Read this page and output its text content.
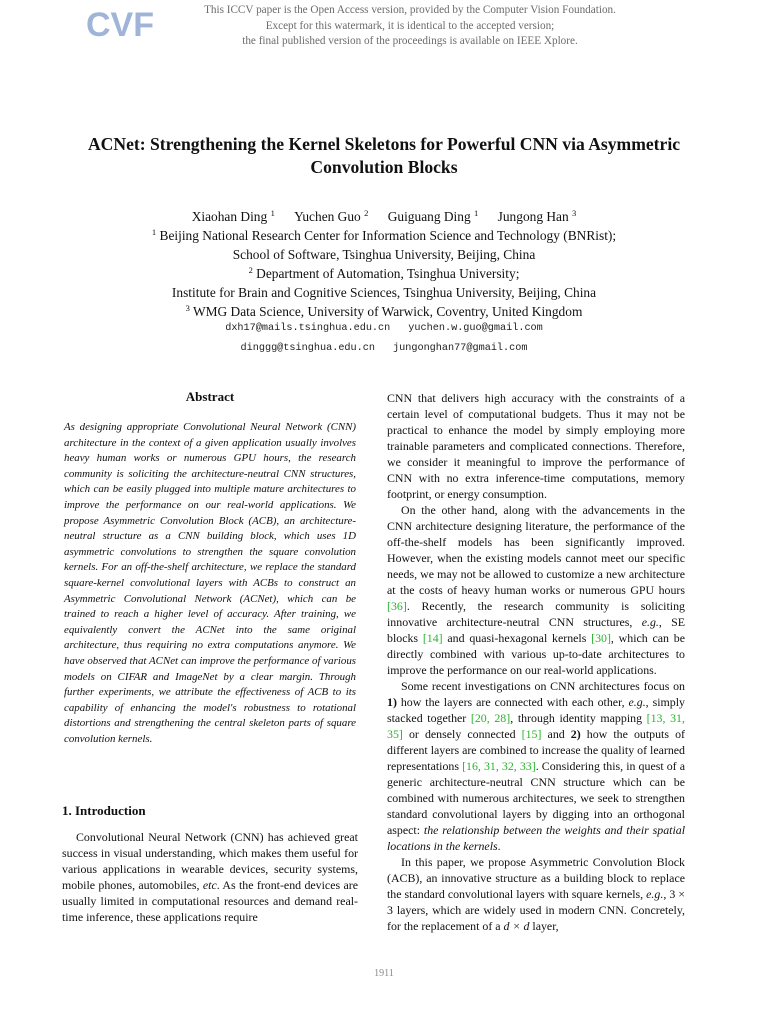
CVF	This ICCV paper is the Open Access version, provided by the Computer Vision Foundation.
Except for this watermark, it is identical to the accepted version;
the final published version of the proceedings is available on IEEE Xplore.
ACNet: Strengthening the Kernel Skeletons for Powerful CNN via Asymmetric
Convolution Blocks
Xiaohan Ding $^1$ Yuchen Guo $^2$ Guiguang Ding $^1$ Jungong Han $^3$
$^1$ Beijing National Research Center for Information Science and Technology (BNRist);
School of Software, Tsinghua University, Beijing, China
$^2$ Department of Automation, Tsinghua University;
Institute for Brain and Cognitive Sciences, Tsinghua University, Beijing, China
$^3$ WMG Data Science, University of Warwick, Coventry, United Kingdom
dxh17@mails.tsinghua.edu.cn yuchen.w.guo@gmail.com
dinggg@tsinghua.edu.cn jungonghan77@gmail.com
Abstract

As designing appropriate Convolutional Neural Network (CNN) architecture in the context of a given application usually involves heavy human works or numerous GPU hours, the research community is soliciting the architecture-neutral CNN structures, which can be easily plugged into multiple mature architectures to improve the performance on our real-world applications. We propose Asymmetric Convolution Block (ACB), an architecture-neutral structure as a CNN building block, which uses 1D asymmetric convolutions to strengthen the square convolution kernels. For an off-the-shelf architecture, we replace the standard square-kernel convolutional layers with ACBs to construct an Asymmetric Convolutional Network (ACNet), which can be trained to reach a higher level of accuracy. After training, we equivalently convert the ACNet into the same original architecture, thus requiring no extra computations anymore. We have observed that ACNet can improve the performance of various models on CIFAR and ImageNet by a clear margin. Through further experiments, we attribute the effectiveness of ACB to its capability of enhancing the model's robustness to rotational distortions and strengthening the central skeleton parts of square convolution kernels.

1. Introduction

Convolutional Neural Network (CNN) has achieved great success in visual understanding, which makes them useful for various applications in wearable devices, security systems, mobile phones, automobiles, etc. As the front-end devices are usually limited in computational resources and demand real-time inference, these applications require

CNN that delivers high accuracy with the constraints of a certain level of computational budgets. Thus it may not be practical to enhance the model by simply employing more trainable parameters and complicated connections. Therefore, we consider it meaningful to improve the performance of CNN with no extra inference-time computations, memory footprint, or energy consumption.

On the other hand, along with the advancements in the CNN architecture designing literature, the performance of the off-the-shelf models has been significantly improved. However, when the existing models cannot meet our specific needs, we may not be allowed to customize a new architecture at the costs of heavy human works or numerous GPU hours [36]. Recently, the research community is soliciting innovative architecture-neutral CNN structures, e.g., SE blocks [14] and quasi-hexagonal kernels [30], which can be directly combined with various up-to-date architectures to improve the performance on our real-world applications.

Some recent investigations on CNN architectures focus on 1) how the layers are connected with each other, e.g., simply stacked together [20, 28], through identity mapping [13, 31, 35] or densely connected [15] and 2) how the outputs of different layers are combined to increase the quality of learned representations [16, 31, 32, 33]. Considering this, in quest of a generic architecture-neutral CNN structure which can be combined with numerous architectures, we seek to strengthen standard convolutional layers by digging into an orthogonal aspect: the relationship between the weights and their spatial locations in the kernels.

In this paper, we propose Asymmetric Convolution Block (ACB), an innovative structure as a building block to replace the standard convolutional layers with square kernels, e.g., 3 × 3 layers, which are widely used in modern CNN. Concretely, for the replacement of a d × d layer,

1911
